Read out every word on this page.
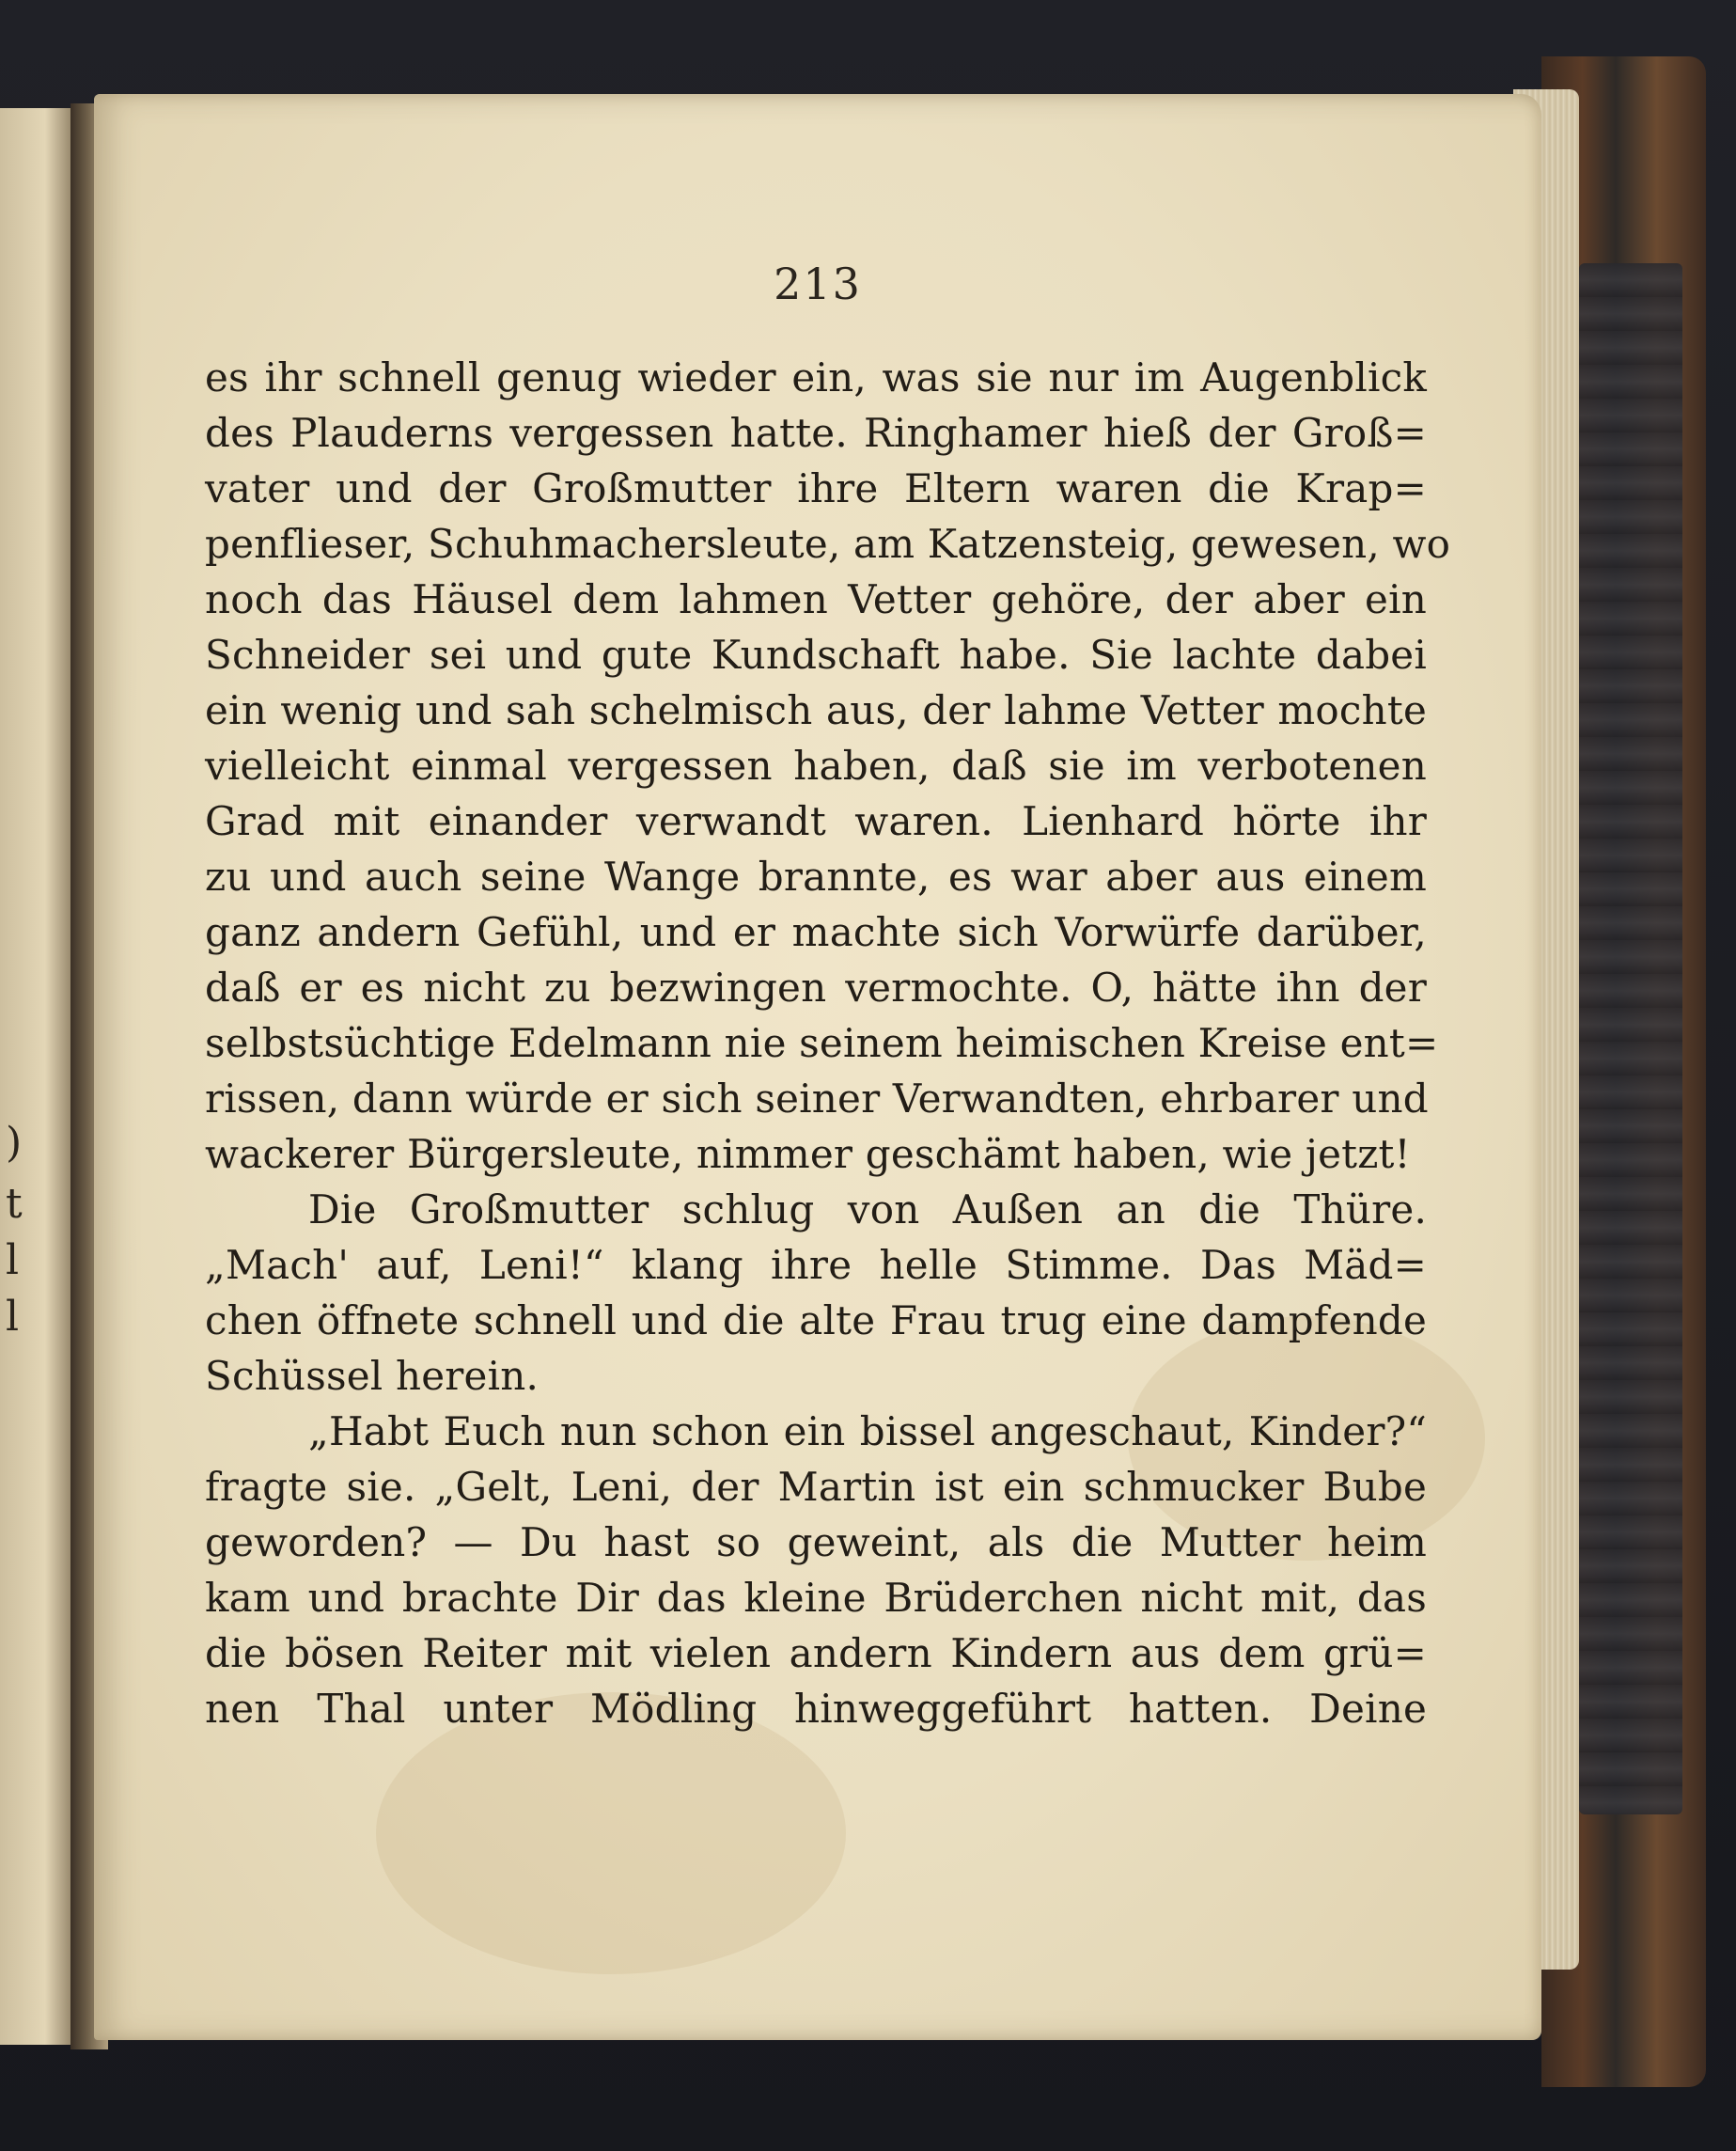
)
t
l
l
213
es ihr schnell genug wieder ein, was sie nur im Augenblick
des Plauderns vergessen hatte. Ringhamer hieß der Groß=
vater und der Großmutter ihre Eltern waren die Krap=
penflieser, Schuhmachersleute, am Katzensteig, gewesen, wo
noch das Häusel dem lahmen Vetter gehöre, der aber ein
Schneider sei und gute Kundschaft habe. Sie lachte dabei
ein wenig und sah schelmisch aus, der lahme Vetter mochte
vielleicht einmal vergessen haben, daß sie im verbotenen
Grad mit einander verwandt waren. Lienhard hörte ihr
zu und auch seine Wange brannte, es war aber aus einem
ganz andern Gefühl, und er machte sich Vorwürfe darüber,
daß er es nicht zu bezwingen vermochte. O, hätte ihn der
selbstsüchtige Edelmann nie seinem heimischen Kreise ent=
rissen, dann würde er sich seiner Verwandten, ehrbarer und
wackerer Bürgersleute, nimmer geschämt haben, wie jetzt!
Die Großmutter schlug von Außen an die Thüre.
„Mach' auf, Leni!“ klang ihre helle Stimme. Das Mäd=
chen öffnete schnell und die alte Frau trug eine dampfende
Schüssel herein.
„Habt Euch nun schon ein bissel angeschaut, Kinder?“
fragte sie. „Gelt, Leni, der Martin ist ein schmucker Bube
geworden? — Du hast so geweint, als die Mutter heim
kam und brachte Dir das kleine Brüderchen nicht mit, das
die bösen Reiter mit vielen andern Kindern aus dem grü=
nen Thal unter Mödling hinweggeführt hatten. Deine
